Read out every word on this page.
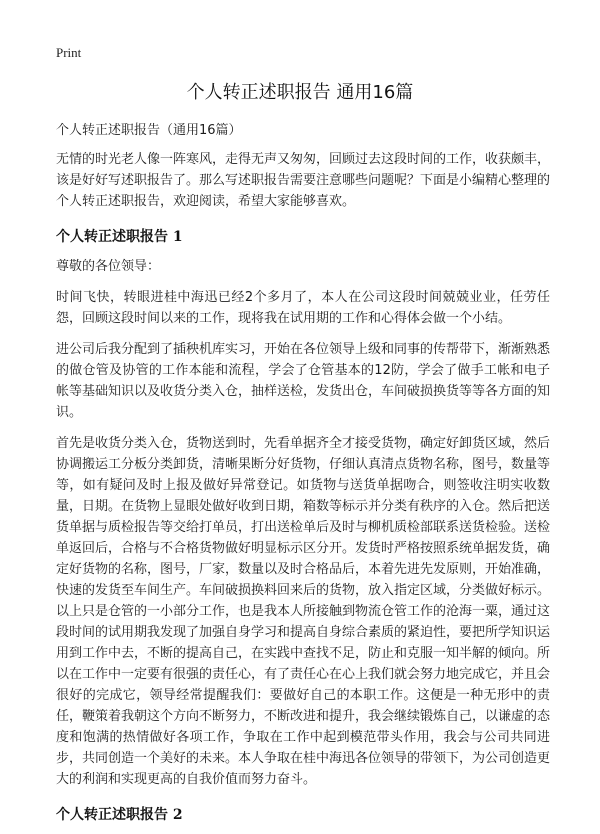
Print
个人转正述职报告 通用16篇

个人转正述职报告（通用16篇）

无情的时光老人像一阵寒风，走得无声又匆匆，回顾过去这段时间的工作，收获颇丰，该是好好写述职报告了。那么写述职报告需要注意哪些问题呢？下面是小编精心整理的个人转正述职报告，欢迎阅读，希望大家能够喜欢。

个人转正述职报告 1

尊敬的各位领导：

时间飞快，转眼进桂中海迅已经2个多月了，本人在公司这段时间兢兢业业，任劳任怨，回顾这段时间以来的工作，现将我在试用期的工作和心得体会做一个小结。

进公司后我分配到了插秧机库实习，开始在各位领导上级和同事的传帮带下，渐渐熟悉的做仓管及协管的工作本能和流程，学会了仓管基本的12防，学会了做手工帐和电子帐等基础知识以及收货分类入仓，抽样送检，发货出仓，车间破损换货等等各方面的知识。

首先是收货分类入仓，货物送到时，先看单据齐全才接受货物，确定好卸货区域，然后协调搬运工分板分类卸货，清晰果断分好货物，仔细认真清点货物名称，图号，数量等等，如有疑问及时上报及做好异常登记。如货物与送货单据吻合，则签收注明实收数量，日期。在货物上显眼处做好收到日期，箱数等标示并分类有秩序的入仓。然后把送货单据与质检报告等交给打单员，打出送检单后及时与柳机质检部联系送货检验。送检单返回后，合格与不合格货物做好明显标示区分开。发货时严格按照系统单据发货，确定好货物的名称，图号，厂家，数量以及时合格品后，本着先进先发原则，开始准确，快速的发货至车间生产。车间破损换料回来后的货物，放入指定区域，分类做好标示。以上只是仓管的一小部分工作，也是我本人所接触到物流仓管工作的沧海一粟，通过这段时间的试用期我发现了加强自身学习和提高自身综合素质的紧迫性，要把所学知识运用到工作中去，不断的提高自己，在实践中查找不足，防止和克服一知半解的倾向。所以在工作中一定要有很强的责任心，有了责任心在心上我们就会努力地完成它，并且会很好的完成它，领导经常提醒我们：要做好自己的本职工作。这便是一种无形中的责任，鞭策着我朝这个方向不断努力，不断改进和提升，我会继续锻炼自己，以谦虚的态度和饱满的热情做好各项工作，争取在工作中起到模范带头作用，我会与公司共同进步，共同创造一个美好的未来。本人争取在桂中海迅各位领导的带领下，为公司创造更大的利润和实现更高的自我价值而努力奋斗。

个人转正述职报告 2
